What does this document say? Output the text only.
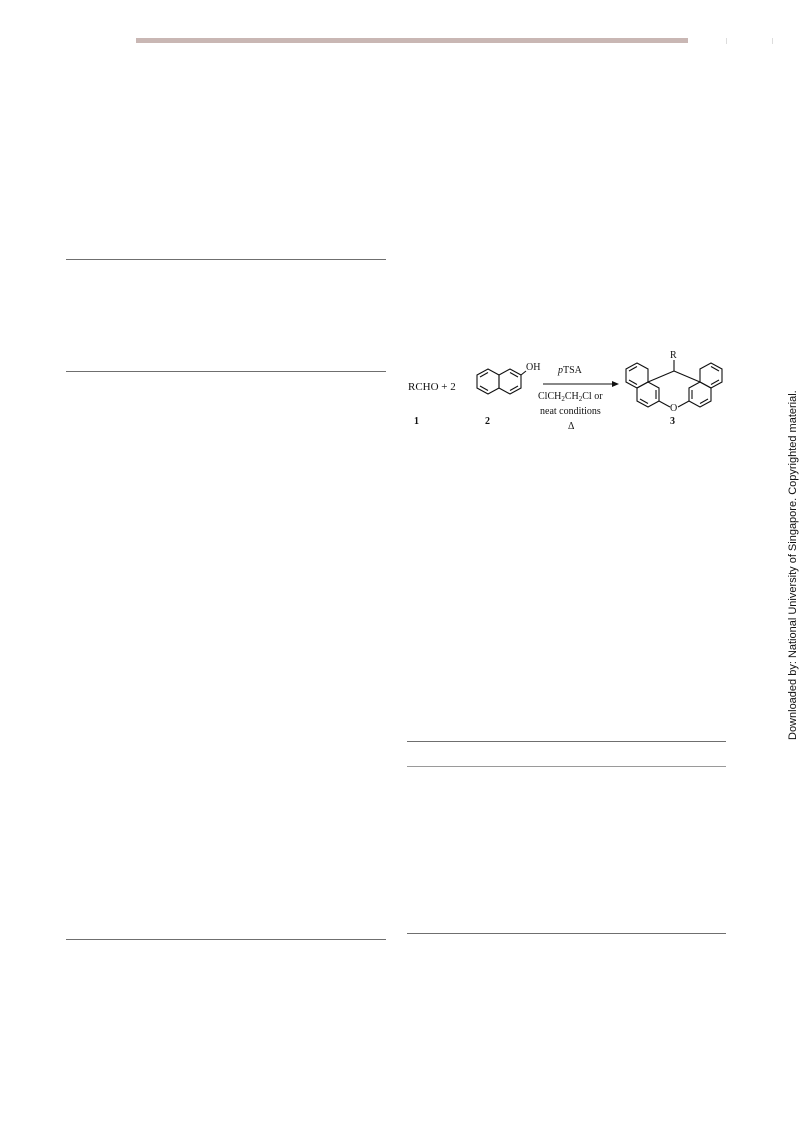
RCHO + 2
OH pTSA
$ClCH_2CH_2Cl$ or
neat conditions
Δ
R
O
1	2	3	Downloaded by: National University of Singapore. Copyrighted material.
